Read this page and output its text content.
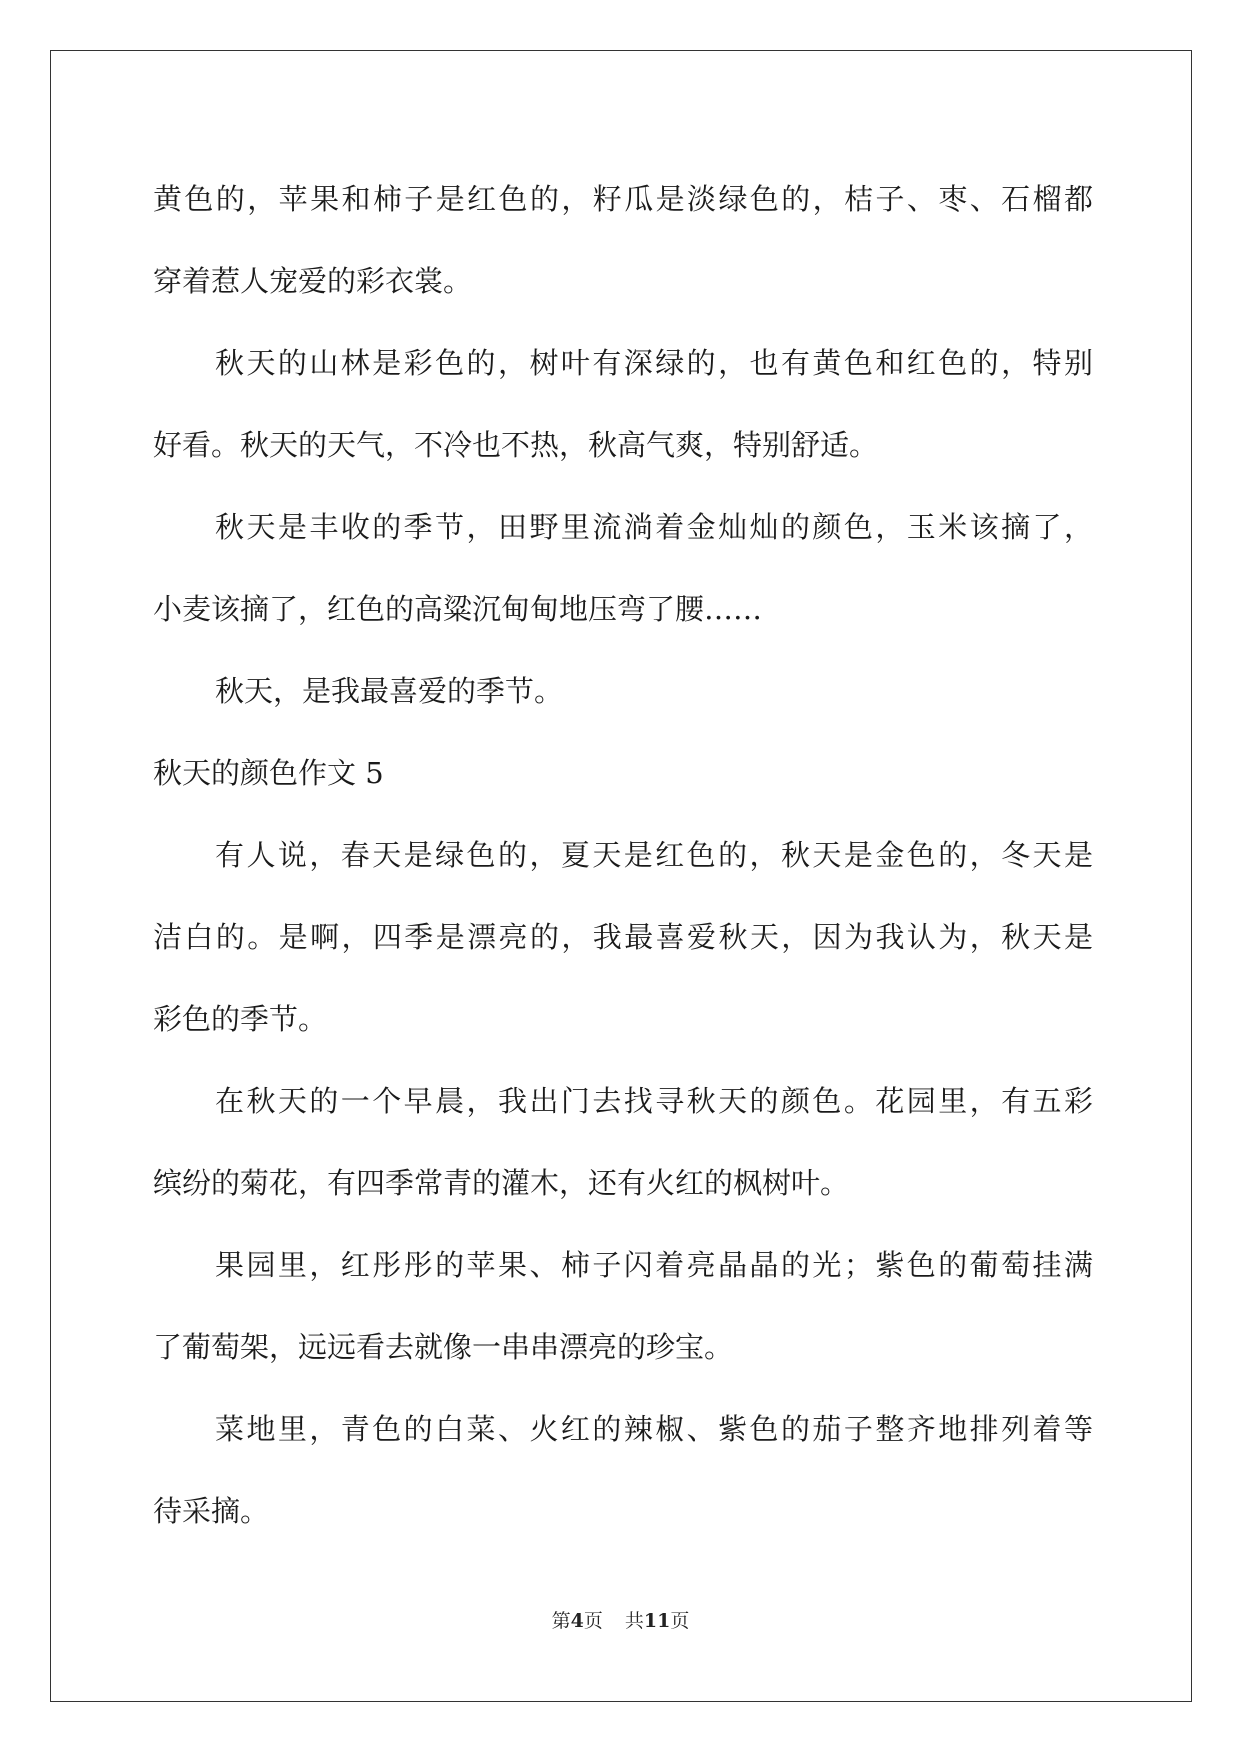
黄色的，苹果和柿子是红色的，籽瓜是淡绿色的，桔子、枣、石榴都
穿着惹人宠爱的彩衣裳。
秋天的山林是彩色的，树叶有深绿的，也有黄色和红色的，特别
好看。秋天的天气，不冷也不热，秋高气爽，特别舒适。
秋天是丰收的季节，田野里流淌着金灿灿的颜色，玉米该摘了，
小麦该摘了，红色的高粱沉甸甸地压弯了腰……
秋天，是我最喜爱的季节。
秋天的颜色作文 5
有人说，春天是绿色的，夏天是红色的，秋天是金色的，冬天是
洁白的。是啊，四季是漂亮的，我最喜爱秋天，因为我认为，秋天是
彩色的季节。
在秋天的一个早晨，我出门去找寻秋天的颜色。花园里，有五彩
缤纷的菊花，有四季常青的灌木，还有火红的枫树叶。
果园里，红彤彤的苹果、柿子闪着亮晶晶的光；紫色的葡萄挂满
了葡萄架，远远看去就像一串串漂亮的珍宝。
菜地里，青色的白菜、火红的辣椒、紫色的茄子整齐地排列着等
待采摘。
第4页 共11页
